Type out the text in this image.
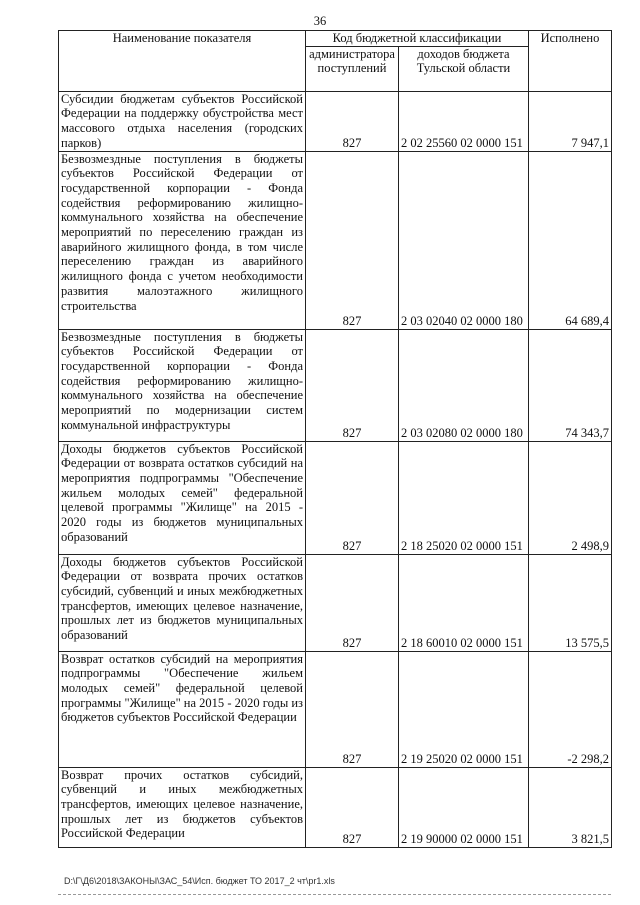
36
Наименование показателя	Код бюджетной классификации		Исполнено
	администратора поступлений	доходов бюджета Тульской области	
Субсидии бюджетам субъектов Российской Федерации на поддержку обустройства мест массового отдыха населения (городских парков)	827	2 02 25560 02 0000 151	7 947,1
Безвозмездные поступления в бюджеты субъектов Российской Федерации от государственной корпорации - Фонда содействия реформированию жилищно-коммунального хозяйства на обеспечение мероприятий по переселению граждан из аварийного жилищного фонда, в том числе переселению граждан из аварийного жилищного фонда с учетом необходимости развития малоэтажного жилищного строительства	827	2 03 02040 02 0000 180	64 689,4
Безвозмездные поступления в бюджеты субъектов Российской Федерации от государственной корпорации - Фонда содействия реформированию жилищно-коммунального хозяйства на обеспечение мероприятий по модернизации систем коммунальной инфраструктуры	827	2 03 02080 02 0000 180	74 343,7
Доходы бюджетов субъектов Российской Федерации от возврата остатков субсидий на мероприятия подпрограммы "Обеспечение жильем молодых семей" федеральной целевой программы "Жилище" на 2015 - 2020 годы из бюджетов муниципальных образований	827	2 18 25020 02 0000 151	2 498,9
Доходы бюджетов субъектов Российской Федерации от возврата прочих остатков субсидий, субвенций и иных межбюджетных трансфертов, имеющих целевое назначение, прошлых лет из бюджетов муниципальных образований	827	2 18 60010 02 0000 151	13 575,5
Возврат остатков субсидий на мероприятия подпрограммы "Обеспечение жильем молодых семей" федеральной целевой программы "Жилище" на 2015 - 2020 годы из бюджетов субъектов Российской Федерации	827	2 19 25020 02 0000 151	-2 298,2
Возврат прочих остатков субсидий, субвенций и иных межбюджетных трансфертов, имеющих целевое назначение, прошлых лет из бюджетов субъектов Российской Федерации	827	2 19 90000 02 0000 151	3 821,5
D:\Г\Д6\2018\ЗАКОНЫ\ЗАС_54\Исп. бюджет ТО 2017_2 чт\pr1.xls
